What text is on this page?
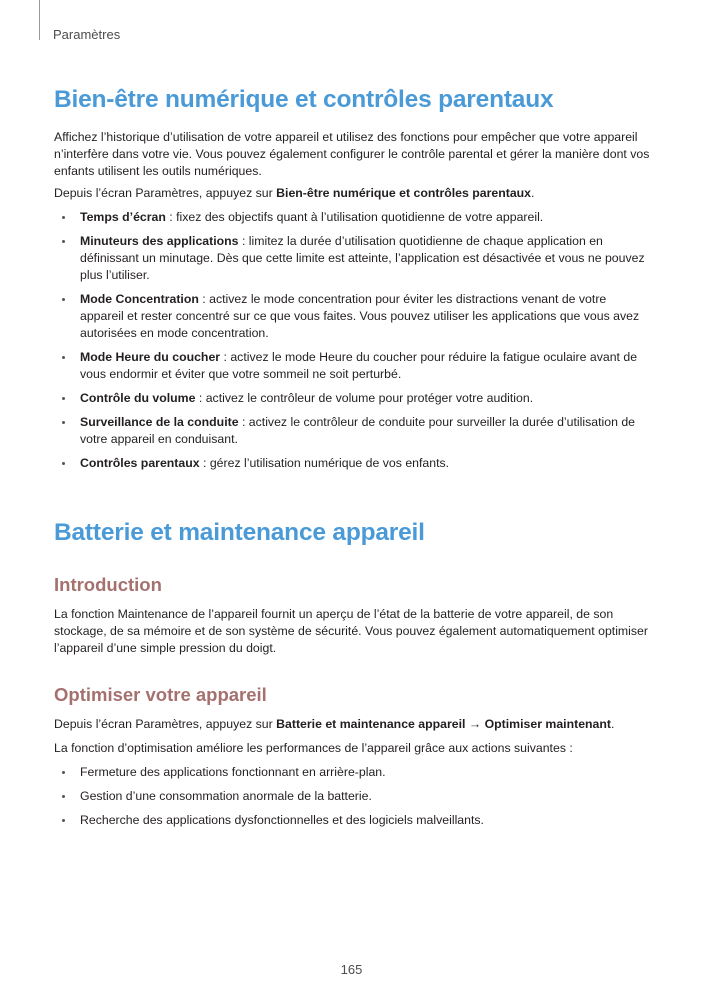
Paramètres
Bien-être numérique et contrôles parentaux

Affichez l’historique d’utilisation de votre appareil et utilisez des fonctions pour empêcher que votre appareil n’interfère dans votre vie. Vous pouvez également configurer le contrôle parental et gérer la manière dont vos enfants utilisent les outils numériques.

Depuis l’écran Paramètres, appuyez sur Bien-être numérique et contrôles parentaux.

Temps d’écran : fixez des objectifs quant à l’utilisation quotidienne de votre appareil.
Minuteurs des applications : limitez la durée d’utilisation quotidienne de chaque application en définissant un minutage. Dès que cette limite est atteinte, l’application est désactivée et vous ne pouvez plus l’utiliser.
Mode Concentration : activez le mode concentration pour éviter les distractions venant de votre appareil et rester concentré sur ce que vous faites. Vous pouvez utiliser les applications que vous avez autorisées en mode concentration.
Mode Heure du coucher : activez le mode Heure du coucher pour réduire la fatigue oculaire avant de vous endormir et éviter que votre sommeil ne soit perturbé.
Contrôle du volume : activez le contrôleur de volume pour protéger votre audition.
Surveillance de la conduite : activez le contrôleur de conduite pour surveiller la durée d’utilisation de votre appareil en conduisant.
Contrôles parentaux : gérez l’utilisation numérique de vos enfants.
Batterie et maintenance appareil
Introduction

La fonction Maintenance de l’appareil fournit un aperçu de l’état de la batterie de votre appareil, de son stockage, de sa mémoire et de son système de sécurité. Vous pouvez également automatiquement optimiser l’appareil d’une simple pression du doigt.

Optimiser votre appareil

Depuis l’écran Paramètres, appuyez sur Batterie et maintenance appareil → Optimiser maintenant.

La fonction d’optimisation améliore les performances de l’appareil grâce aux actions suivantes :

Fermeture des applications fonctionnant en arrière-plan.
Gestion d’une consommation anormale de la batterie.
Recherche des applications dysfonctionnelles et des logiciels malveillants.
165
